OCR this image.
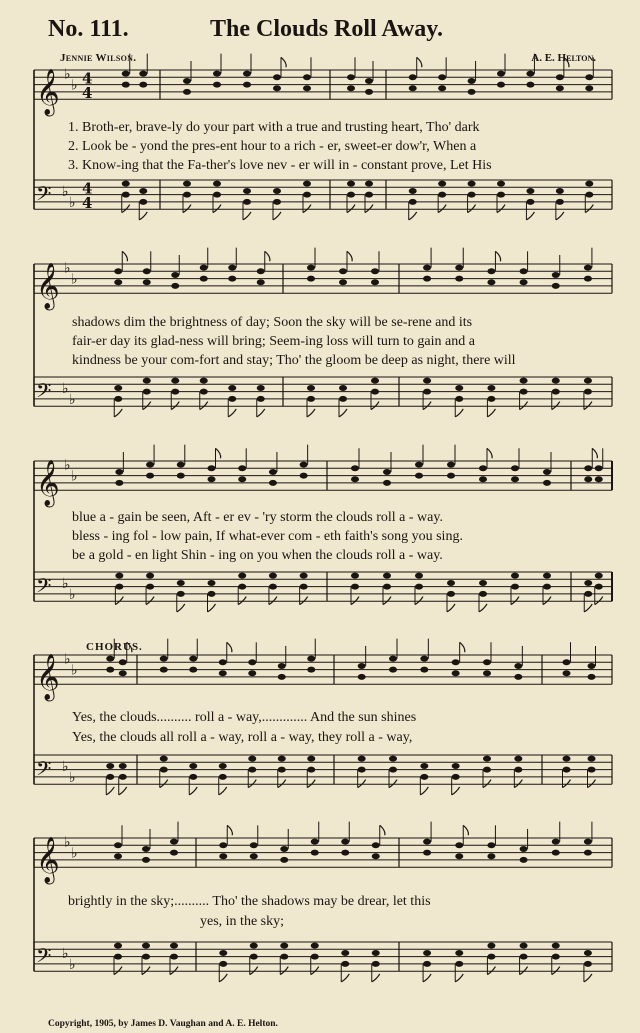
No. 111.	The Clouds Roll Away.
Jennie Wilson.	A. E. Helton.
𝄞 ♭
♭ 4
4
𝄢 ♭
♭
4
4
𝄞 ♭
♭
𝄢 ♭
♭
𝄞 ♭
♭
𝄢 ♭
♭
𝄞 ♭
♭
𝄢 ♭
♭
𝄞 ♭
♭
𝄢 ♭
♭
1. Broth-er, brave-ly do your part with a true and trusting heart, Tho' dark
2. Look be - yond the pres-ent hour to a rich - er, sweet-er dow'r, When a
3. Know-ing that the Fa-ther's love nev - er will in - constant prove, Let His
shadows dim the brightness of day; Soon the sky will be se-rene and its
fair-er day its glad-ness will bring; Seem-ing loss will turn to gain and a
kindness be your com-fort and stay; Tho' the gloom be deep as night, there will
blue a - gain be seen, Aft - er ev - 'ry storm the clouds roll a - way.
bless - ing fol - low pain, If what-ever com - eth faith's song you sing.
be a gold - en light Shin - ing on you when the clouds roll a - way.
CHORUS.
Yes, the clouds.......... roll a - way,............. And the sun shines
Yes, the clouds all roll a - way, roll a - way, they roll a - way,
brightly in the sky;.......... Tho' the shadows may be drear, let this
yes, in the sky;
Copyright, 1905, by James D. Vaughan and A. E. Helton.
